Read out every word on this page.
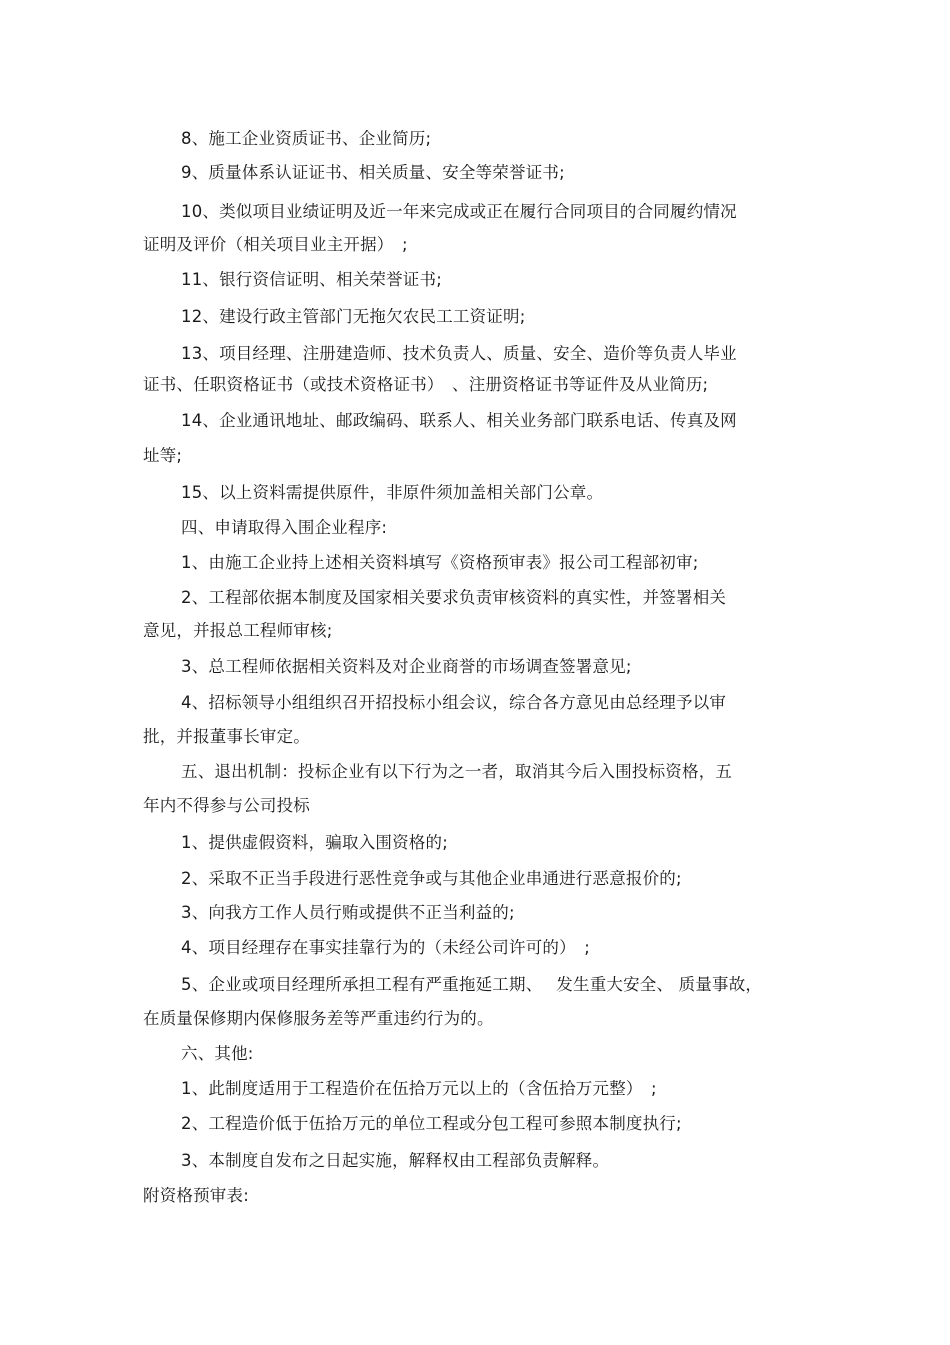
8、施工企业资质证书、企业简历;
9、质量体系认证证书、相关质量、安全等荣誉证书;
10、类似项目业绩证明及近一年来完成或正在履行合同项目的合同履约情况
证明及评价（相关项目业主开据）　;
11、银行资信证明、相关荣誉证书;
12、建设行政主管部门无拖欠农民工工资证明;
13、项目经理、注册建造师、技术负责人、质量、安全、造价等负责人毕业
证书、任职资格证书（或技术资格证书）　、注册资格证书等证件及从业简历;
14、企业通讯地址、邮政编码、联系人、相关业务部门联系电话、传真及网
址等;
15、以上资料需提供原件，非原件须加盖相关部门公章。
四、申请取得入围企业程序:
1、由施工企业持上述相关资料填写《资格预审表》报公司工程部初审;
2、工程部依据本制度及国家相关要求负责审核资料的真实性，并签署相关
意见，并报总工程师审核;
3、总工程师依据相关资料及对企业商誉的市场调查签署意见;
4、招标领导小组组织召开招投标小组会议，综合各方意见由总经理予以审
批，并报董事长审定。
五、退出机制：投标企业有以下行为之一者，取消其今后入围投标资格，五
年内不得参与公司投标
1、提供虚假资料，骗取入围资格的;
2、采取不正当手段进行恶性竞争或与其他企业串通进行恶意报价的;
3、向我方工作人员行贿或提供不正当利益的;
4、项目经理存在事实挂靠行为的（未经公司许可的）　;
5、企业或项目经理所承担工程有严重拖延工期、　 发生重大安全、 质量事故，
在质量保修期内保修服务差等严重违约行为的。
六、其他:
1、此制度适用于工程造价在伍拾万元以上的（含伍拾万元整）　;
2、工程造价低于伍拾万元的单位工程或分包工程可参照本制度执行;
3、本制度自发布之日起实施，解释权由工程部负责解释。
附资格预审表:
